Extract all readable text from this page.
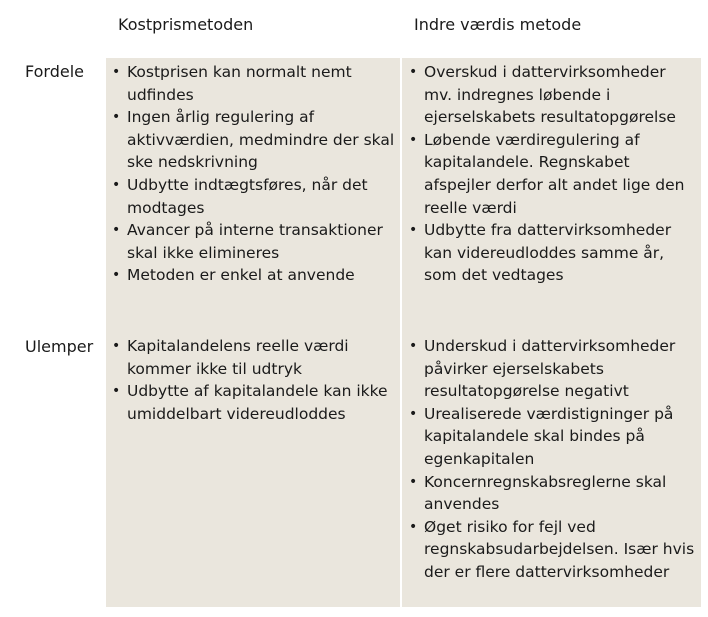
Kostprismetoden	Indre værdis metode
Fordele
Ulemper
• Kostprisen kan normalt nemt
udfindes
• Ingen årlig regulering af
aktivværdien, medmindre der skal
ske nedskrivning
• Udbytte indtægtsføres, når det
modtages
• Avancer på interne transaktioner
skal ikke elimineres
• Metoden er enkel at anvende
• Overskud i dattervirksomheder
mv. indregnes løbende i
ejerselskabets resultatopgørelse
• Løbende værdiregulering af
kapitalandele. Regnskabet
afspejler derfor alt andet lige den
reelle værdi
• Udbytte fra dattervirksomheder
kan videreudloddes samme år,
som det vedtages
• Kapitalandelens reelle værdi
kommer ikke til udtryk
• Udbytte af kapitalandele kan ikke
umiddelbart videreudloddes
• Underskud i dattervirksomheder
påvirker ejerselskabets
resultatopgørelse negativt
• Urealiserede værdistigninger på
kapitalandele skal bindes på
egenkapitalen
• Koncernregnskabsreglerne skal
anvendes
• Øget risiko for fejl ved
regnskabsudarbejdelsen. Især hvis
der er flere dattervirksomheder
